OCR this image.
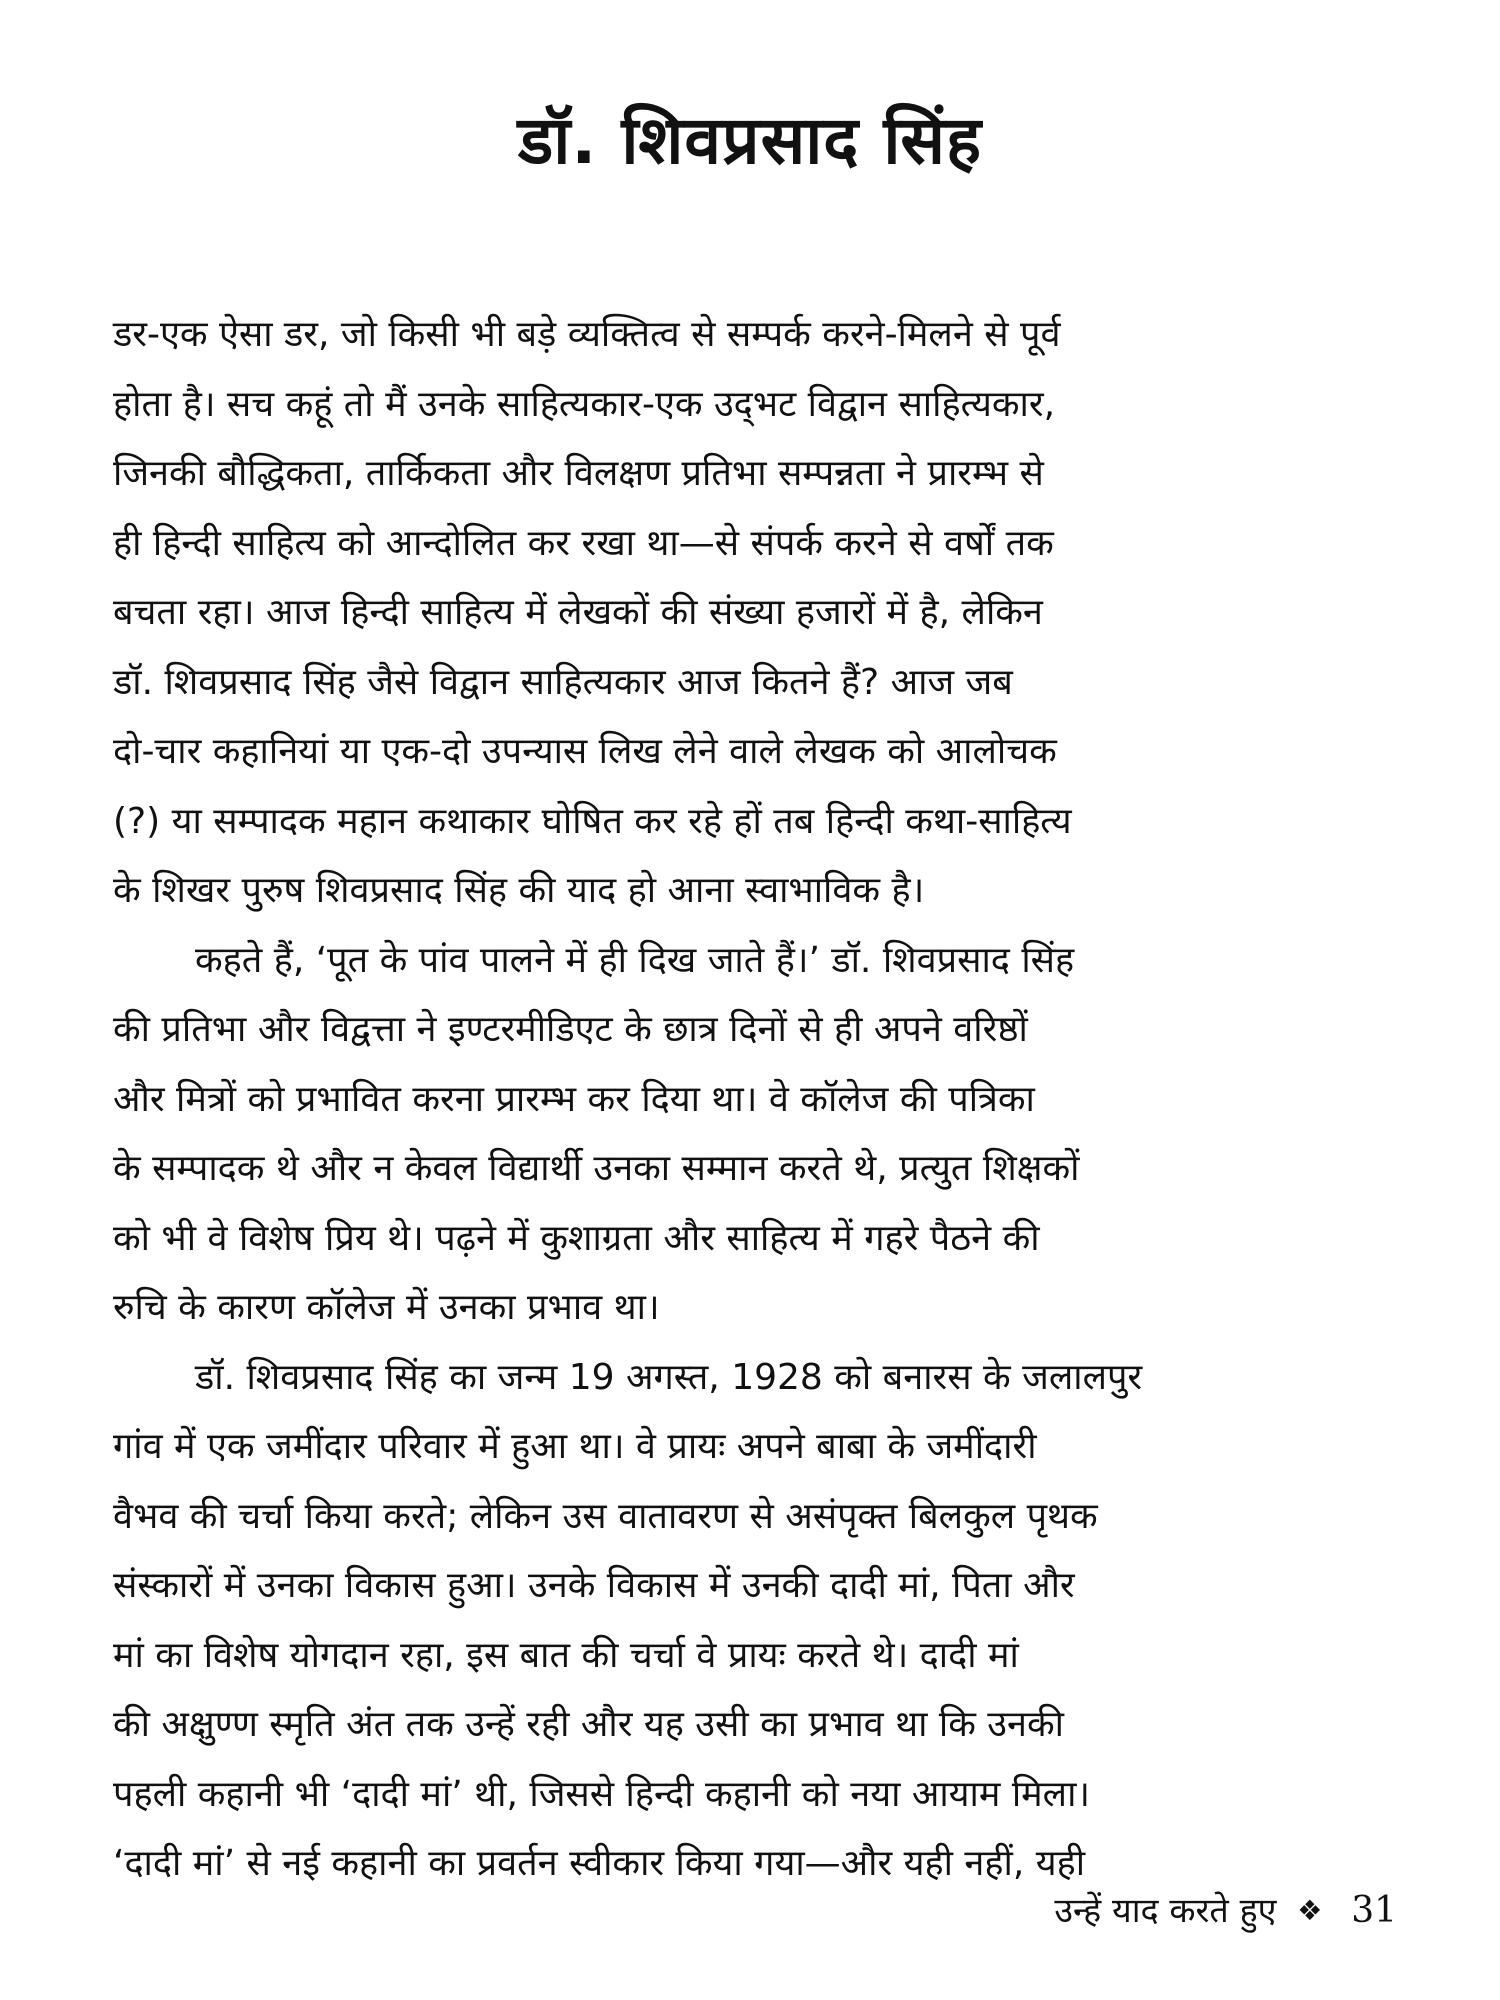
डॉ. शिवप्रसाद सिंह

डर-एक ऐसा डर, जो किसी भी बड़े व्यक्तित्व से सम्पर्क करने-मिलने से पूर्व
होता है। सच कहूं तो मैं उनके साहित्यकार-एक उद्‌भट विद्वान साहित्यकार,
जिनकी बौद्धिकता, तार्किकता और विलक्षण प्रतिभा सम्पन्नता ने प्रारम्भ से
ही हिन्दी साहित्य को आन्दोलित कर रखा था—से संपर्क करने से वर्षों तक
बचता रहा। आज हिन्दी साहित्य में लेखकों की संख्या हजारों में है, लेकिन
डॉ. शिवप्रसाद सिंह जैसे विद्वान साहित्यकार आज कितने हैं? आज जब
दो-चार कहानियां या एक-दो उपन्यास लिख लेने वाले लेखक को आलोचक
(?) या सम्पादक महान कथाकार घोषित कर रहे हों तब हिन्दी कथा-साहित्य
के शिखर पुरुष शिवप्रसाद सिंह की याद हो आना स्वाभाविक है।

कहते हैं, ‘पूत के पांव पालने में ही दिख जाते हैं।’ डॉ. शिवप्रसाद सिंह
की प्रतिभा और विद्वत्ता ने इण्टरमीडिएट के छात्र दिनों से ही अपने वरिष्ठों
और मित्रों को प्रभावित करना प्रारम्भ कर दिया था। वे कॉलेज की पत्रिका
के सम्पादक थे और न केवल विद्यार्थी उनका सम्मान करते थे, प्रत्युत शिक्षकों
को भी वे विशेष प्रिय थे। पढ़ने में कुशाग्रता और साहित्य में गहरे पैठने की
रुचि के कारण कॉलेज में उनका प्रभाव था।

डॉ. शिवप्रसाद सिंह का जन्म 19 अगस्त, 1928 को बनारस के जलालपुर
गांव में एक जमींदार परिवार में हुआ था। वे प्रायः अपने बाबा के जमींदारी
वैभव की चर्चा किया करते; लेकिन उस वातावरण से असंपृक्त बिलकुल पृथक
संस्कारों में उनका विकास हुआ। उनके विकास में उनकी दादी मां, पिता और
मां का विशेष योगदान रहा, इस बात की चर्चा वे प्रायः करते थे। दादी मां
की अक्षुण्ण स्मृति अंत तक उन्हें रही और यह उसी का प्रभाव था कि उनकी
पहली कहानी भी ‘दादी मां’ थी, जिससे हिन्दी कहानी को नया आयाम मिला।
‘दादी मां’ से नई कहानी का प्रवर्तन स्वीकार किया गया—और यही नहीं, यही

उन्हें याद करते हुए ❖ 31
